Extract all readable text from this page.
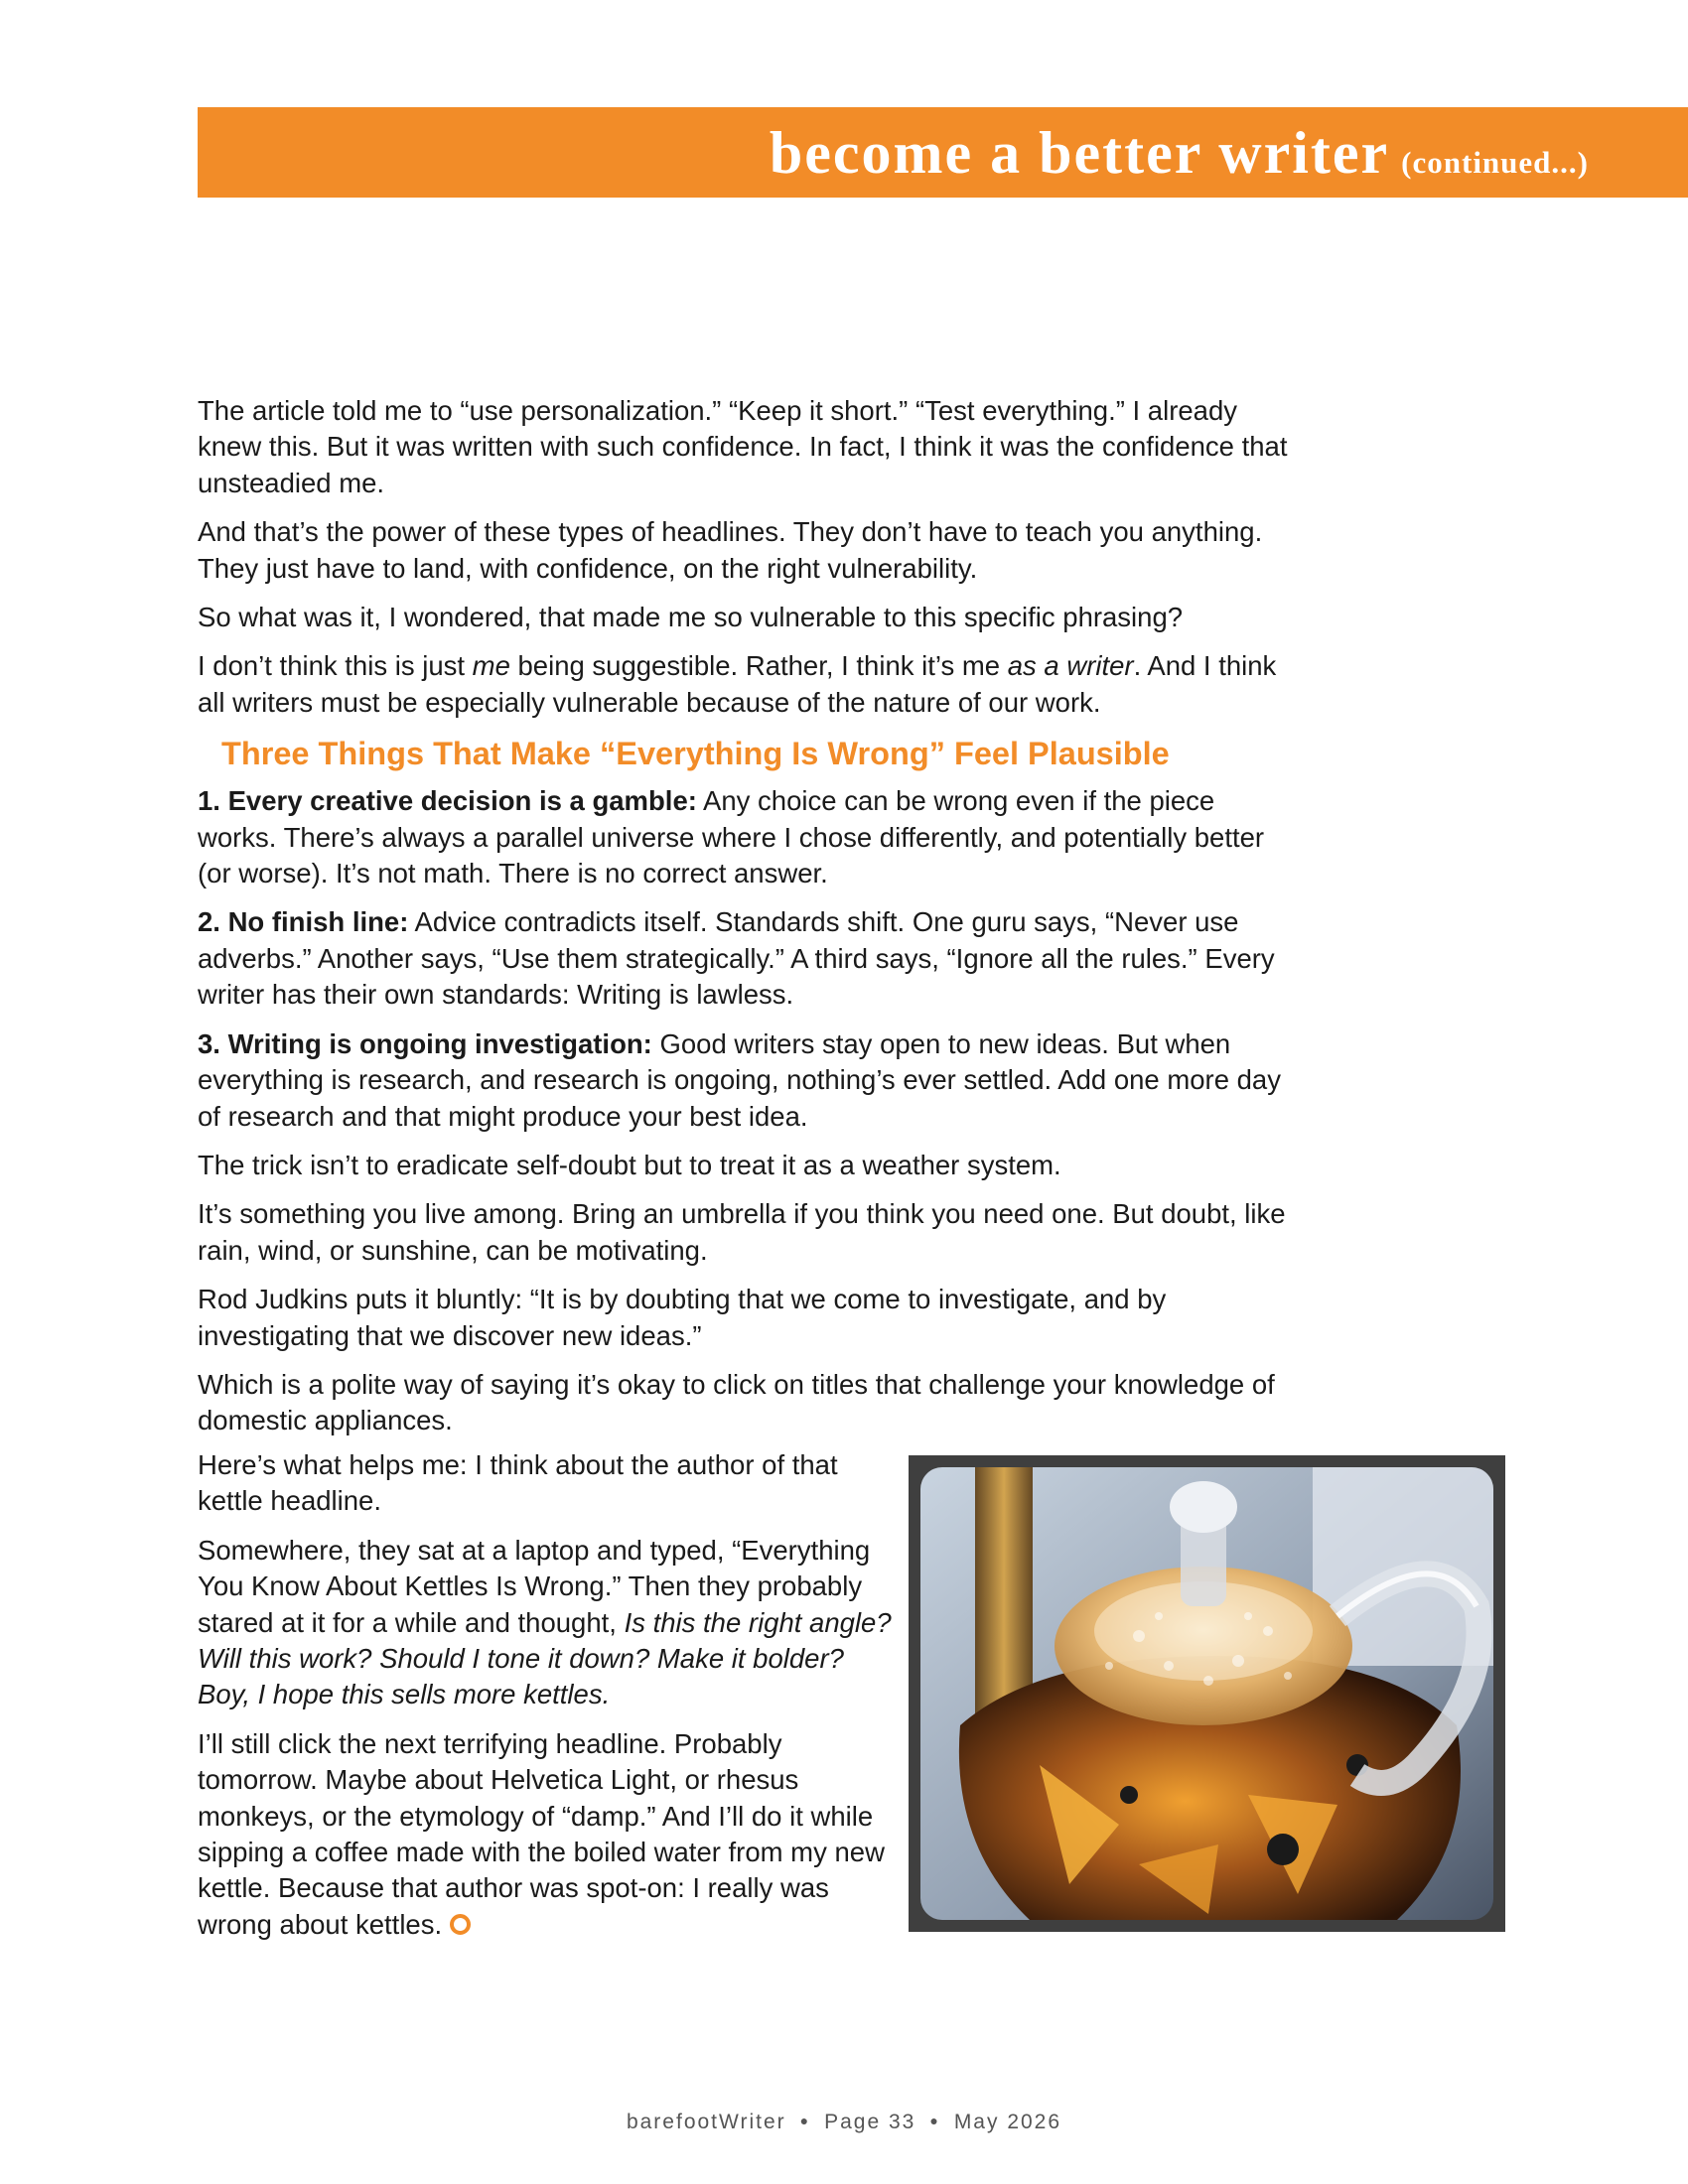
become a better writer (continued...)

The article told me to “use personalization.” “Keep it short.” “Test everything.” I already knew this. But it was written with such confidence. In fact, I think it was the confidence that unsteadied me.

And that’s the power of these types of headlines. They don’t have to teach you anything. They just have to land, with confidence, on the right vulnerability.

So what was it, I wondered, that made me so vulnerable to this specific phrasing?

I don’t think this is just me being suggestible. Rather, I think it’s me as a writer. And I think all writers must be especially vulnerable because of the nature of our work.

Three Things That Make “Everything Is Wrong” Feel Plausible

1. Every creative decision is a gamble: Any choice can be wrong even if the piece works. There’s always a parallel universe where I chose differently, and potentially better (or worse). It’s not math. There is no correct answer.

2. No finish line: Advice contradicts itself. Standards shift. One guru says, “Never use adverbs.” Another says, “Use them strategically.” A third says, “Ignore all the rules.” Every writer has their own standards: Writing is lawless.

3. Writing is ongoing investigation: Good writers stay open to new ideas. But when everything is research, and research is ongoing, nothing’s ever settled. Add one more day of research and that might produce your best idea.

The trick isn’t to eradicate self-doubt but to treat it as a weather system.

It’s something you live among. Bring an umbrella if you think you need one. But doubt, like rain, wind, or sunshine, can be motivating.

Rod Judkins puts it bluntly: “It is by doubting that we come to investigate, and by investigating that we discover new ideas.”

Which is a polite way of saying it’s okay to click on titles that challenge your knowledge of domestic appliances.

Here’s what helps me: I think about the author of that kettle headline.

Somewhere, they sat at a laptop and typed, “Everything You Know About Kettles Is Wrong.” Then they probably stared at it for a while and thought, Is this the right angle? Will this work? Should I tone it down? Make it bolder? Boy, I hope this sells more kettles.

I’ll still click the next terrifying headline. Probably tomorrow. Maybe about Helvetica Light, or rhesus monkeys, or the etymology of “damp.” And I’ll do it while sipping a coffee made with the boiled water from my new kettle. Because that author was spot-on: I really was wrong about kettles.

barefootWriter ● Page 33 ● May 2026
